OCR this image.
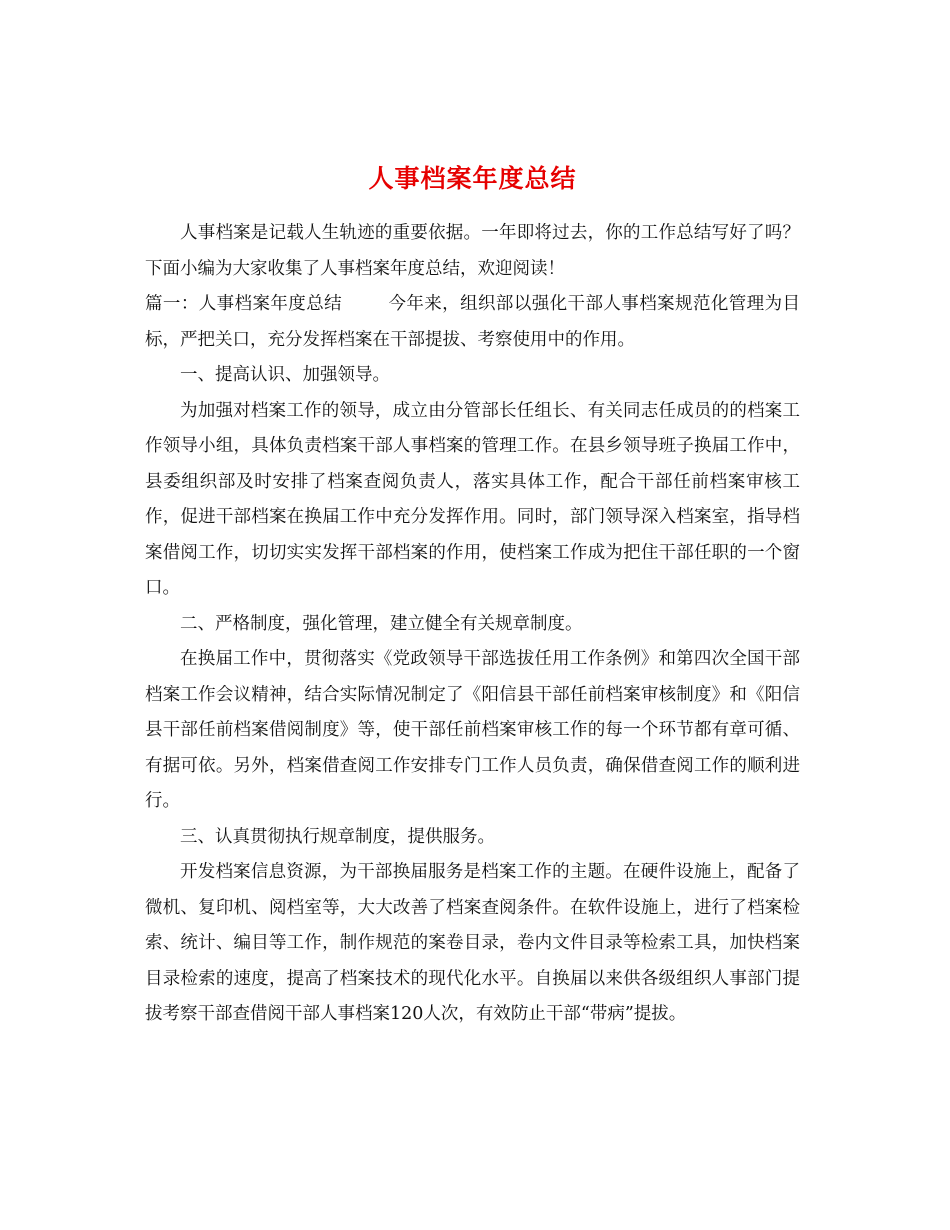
人事档案年度总结

人事档案是记载人生轨迹的重要依据。一年即将过去，你的工作总结写好了吗？下面小编为大家收集了人事档案年度总结，欢迎阅读！

篇一：人事档案年度总结	今年来，组织部以强化干部人事档案规范化管理为目标，严把关口，充分发挥档案在干部提拔、考察使用中的作用。

一、提高认识、加强领导。

为加强对档案工作的领导，成立由分管部长任组长、有关同志任成员的的档案工作领导小组，具体负责档案干部人事档案的管理工作。在县乡领导班子换届工作中，县委组织部及时安排了档案查阅负责人，落实具体工作，配合干部任前档案审核工作，促进干部档案在换届工作中充分发挥作用。同时，部门领导深入档案室，指导档案借阅工作，切切实实发挥干部档案的作用，使档案工作成为把住干部任职的一个窗口。

二、严格制度，强化管理，建立健全有关规章制度。

在换届工作中，贯彻落实《党政领导干部选拔任用工作条例》和第四次全国干部档案工作会议精神，结合实际情况制定了《阳信县干部任前档案审核制度》和《阳信县干部任前档案借阅制度》等，使干部任前档案审核工作的每一个环节都有章可循、有据可依。另外，档案借查阅工作安排专门工作人员负责，确保借查阅工作的顺利进行。

三、认真贯彻执行规章制度，提供服务。

开发档案信息资源，为干部换届服务是档案工作的主题。在硬件设施上，配备了微机、复印机、阅档室等，大大改善了档案查阅条件。在软件设施上，进行了档案检索、统计、编目等工作，制作规范的案卷目录，卷内文件目录等检索工具，加快档案目录检索的速度，提高了档案技术的现代化水平。自换届以来供各级组织人事部门提拔考察干部查借阅干部人事档案120人次，有效防止干部“带病”提拔。
